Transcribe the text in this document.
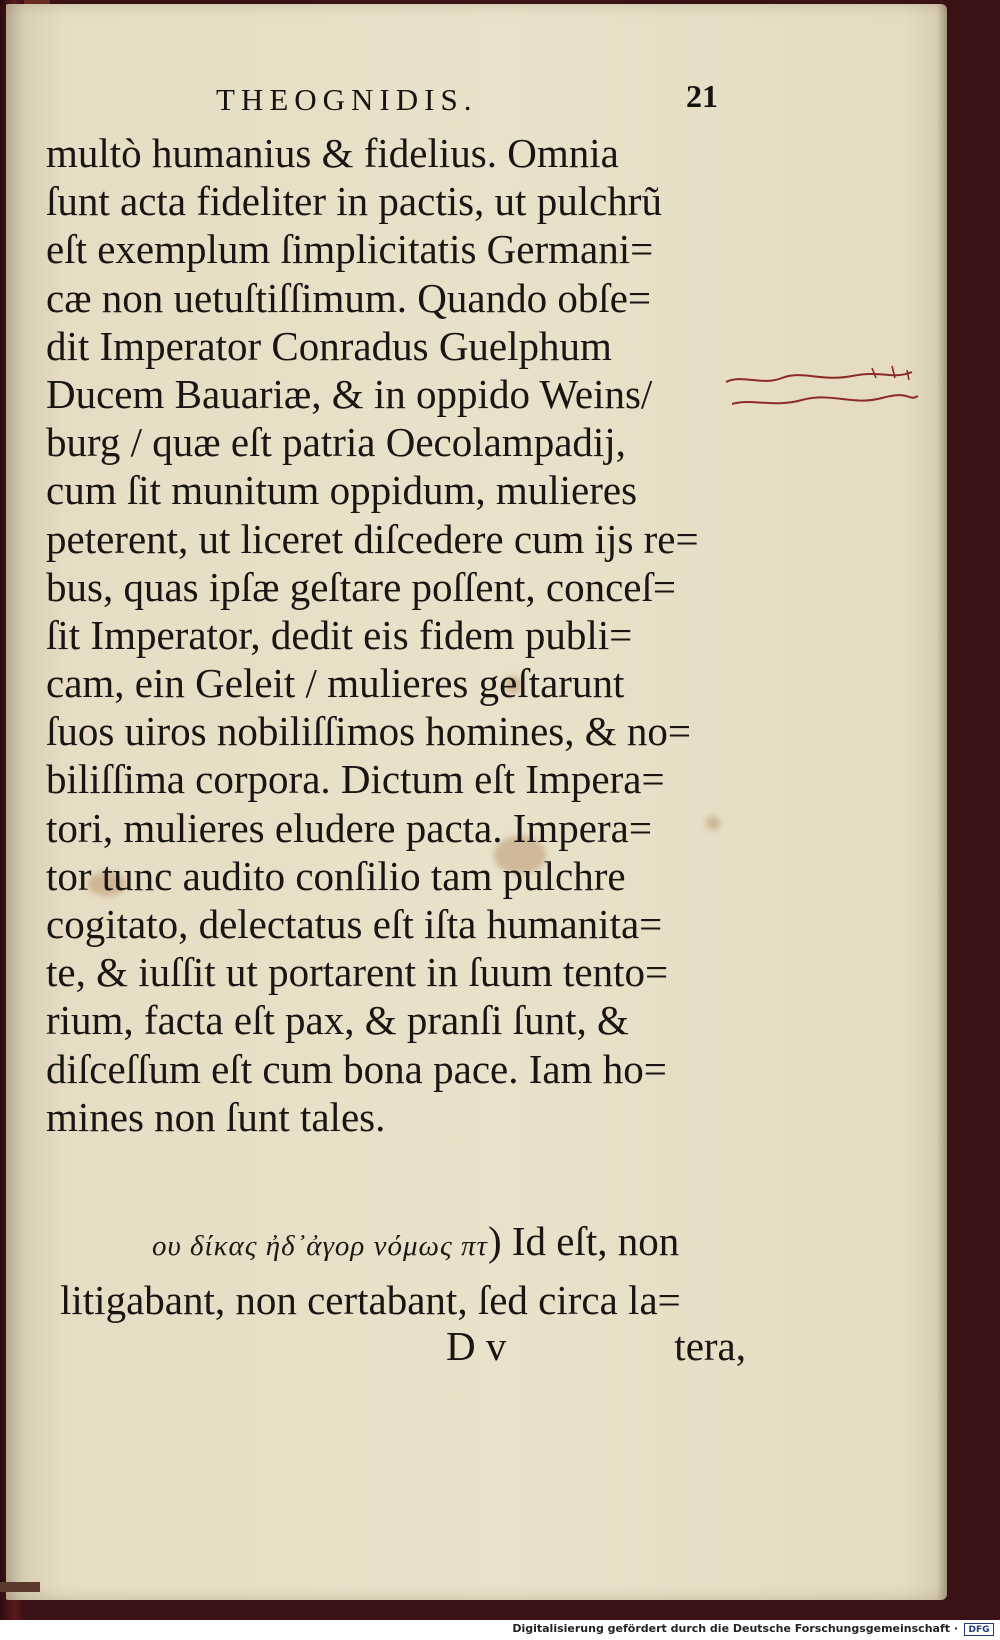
THEOGNIDIS.	21
multò humanius & fidelius. Omnia
ſunt acta fideliter in pactis, ut pulchrũ
eſt exemplum ſimplicitatis Germani=
cæ non uetuſtiſſimum. Quando obſe=
dit Imperator Conradus Guelphum
Ducem Bauariæ, & in oppido Weins/
burg / quæ eſt patria Oecolampadij,
cum ſit munitum oppidum, mulieres
peterent, ut liceret diſcedere cum ijs re=
bus, quas ipſæ geſtare poſſent, conceſ=
ſit Imperator, dedit eis fidem publi=
cam, ein Geleit / mulieres geſtarunt
ſuos uiros nobiliſſimos homines, & no=
biliſſima corpora. Dictum eſt Impera=
tori, mulieres eludere pacta. Impera=
tor tunc audito conſilio tam pulchre
cogitato, delectatus eſt iſta humanita=
te, & iuſſit ut portarent in ſuum tento=
rium, facta eſt pax, & pranſi ſunt, &
diſceſſum eſt cum bona pace. Iam ho=
mines non ſunt tales.
ου δίκας ἠδ᾽ἀγορ νόμως πτ) Id eſt, non
litigabant, non certabant, ſed circa la=
D v	tera,
Digitalisierung gefördert durch die Deutsche Forschungsgemeinschaft ·	DFG
